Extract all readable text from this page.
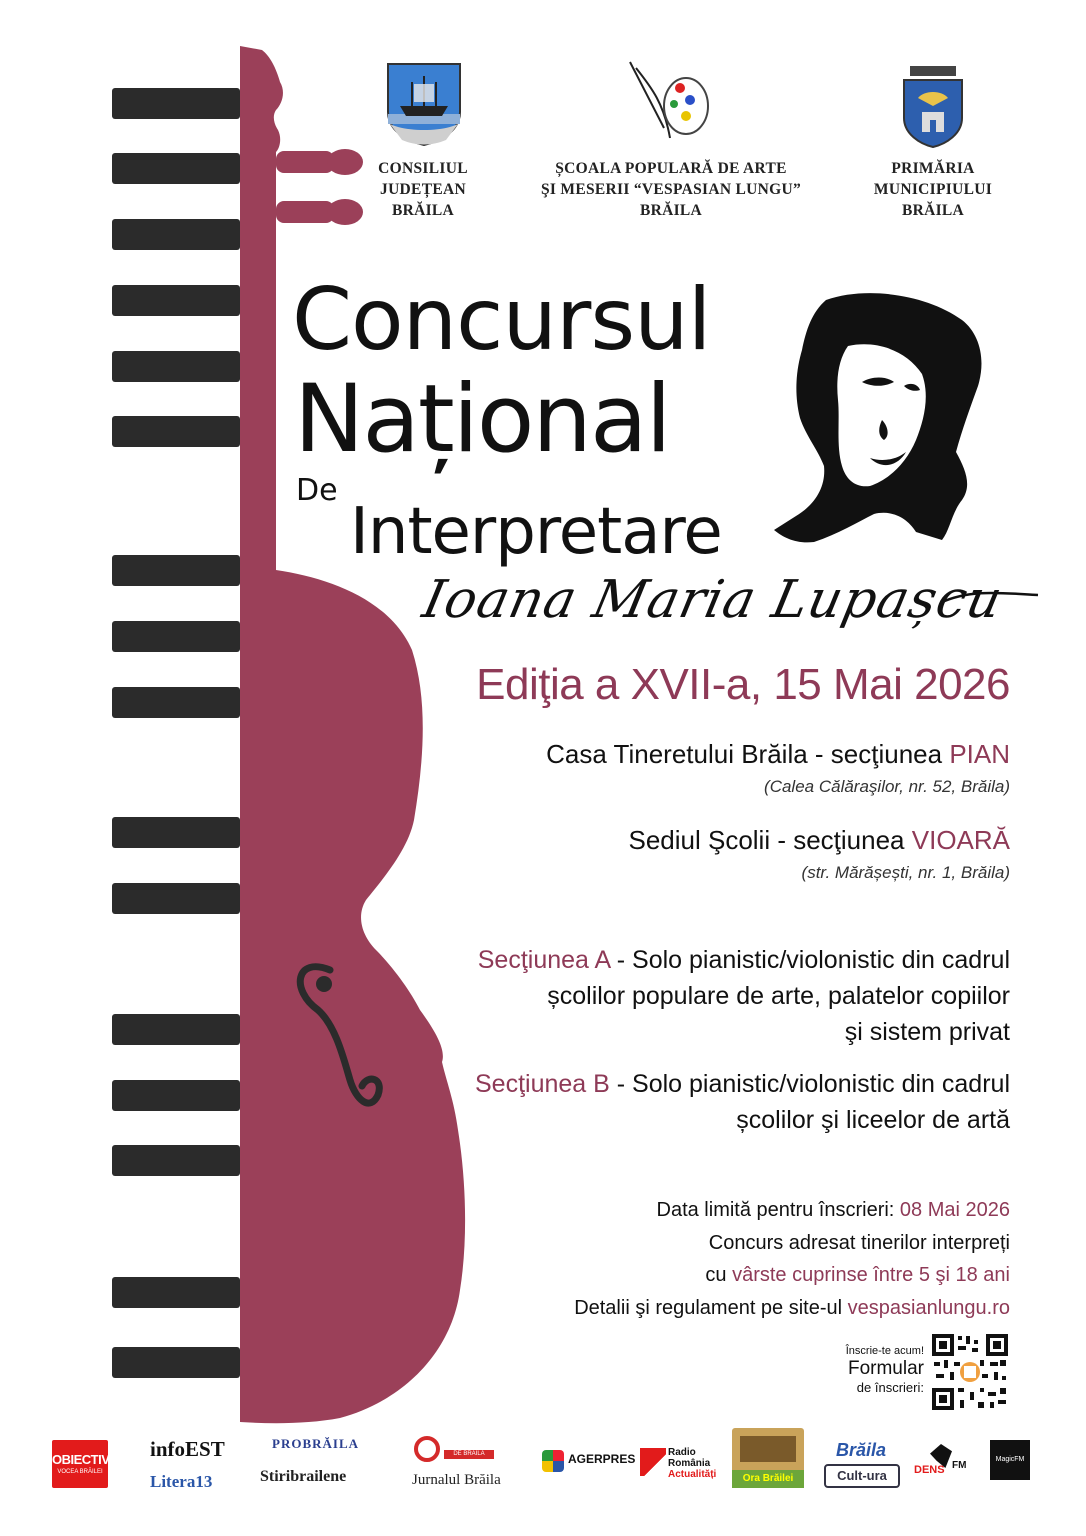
CONSILIUL
JUDEȚEAN
BRĂILA
ȘCOALA POPULARĂ DE ARTE
ŞI MESERII “VESPASIAN LUNGU”
BRĂILA
PRIMĂRIA
MUNICIPIULUI
BRĂILA
Concursul
Național
De
Interpretare
Ioana Maria Lupașcu
Ediţia a XVII-a, 15 Mai 2026
Casa Tineretului Brăila - secţiunea PIAN
(Calea Călăraşilor, nr. 52, Brăila)
Sediul Şcolii - secţiunea VIOARĂ
(str. Mărășești, nr. 1, Brăila)
Secţiunea A - Solo pianistic/violonistic din cadrul
școlilor populare de arte, palatelor copiilor
şi sistem privat
Secţiunea B - Solo pianistic/violonistic din cadrul
școlilor şi liceelor de artă
Data limită pentru înscrieri: 08 Mai 2026
Concurs adresat tinerilor interpreți
cu vârste cuprinse între 5 şi 18 ani
Detalii şi regulament pe site-ul vespasianlungu.ro
Înscrie-te acum!
Formular
de înscrieri:
OBIECTIV
VOCEA BRĂILEI
infoEST
Litera13
PROBRĂILA
Stiribrailene
DE BRĂILA
Jurnalul Brăila
AGERPRES	Radio
România
Actualități	Ora Brăilei
Brăila
Cult-ura	DENS FM
MagicFM
